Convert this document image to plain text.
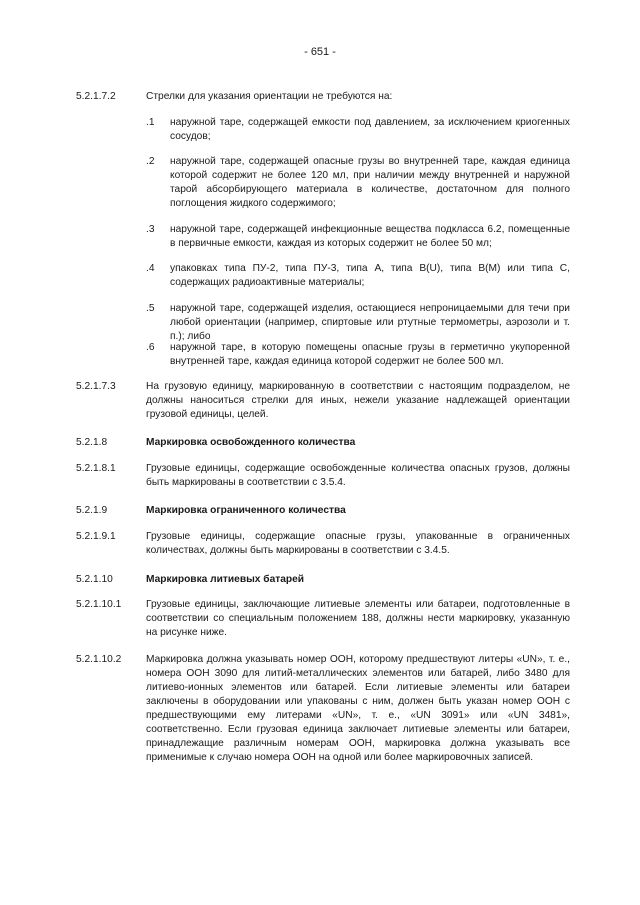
- 651 -
5.2.1.7.2	Стрелки для указания ориентации не требуются на:
.1 наружной таре, содержащей емкости под давлением, за исключением криогенных сосудов;
.2 наружной таре, содержащей опасные грузы во внутренней таре, каждая единица которой содержит не более 120 мл, при наличии между внутренней и наружной тарой абсорбирующего материала в количестве, достаточном для полного поглощения жидкого содержимого;
.3 наружной таре, содержащей инфекционные вещества подкласса 6.2, помещенные в первичные емкости, каждая из которых содержит не более 50 мл;
.4 упаковках типа ПУ-2, типа ПУ-3, типа A, типа B(U), типа B(M) или типа C, содержащих радиоактивные материалы;
.5 наружной таре, содержащей изделия, остающиеся непроницаемыми для течи при любой ориентации (например, спиртовые или ртутные термометры, аэрозоли и т. п.); либо
.6 наружной таре, в которую помещены опасные грузы в герметично укупоренной внутренней таре, каждая единица которой содержит не более 500 мл.
5.2.1.7.3	На грузовую единицу, маркированную в соответствии с настоящим подразделом, не должны наноситься стрелки для иных, нежели указание надлежащей ориентации грузовой единицы, целей.
5.2.1.8	Маркировка освобожденного количества
5.2.1.8.1	Грузовые единицы, содержащие освобожденные количества опасных грузов, должны быть маркированы в соответствии с 3.5.4.
5.2.1.9	Маркировка ограниченного количества
5.2.1.9.1	Грузовые единицы, содержащие опасные грузы, упакованные в ограниченных количествах, должны быть маркированы в соответствии с 3.4.5.
5.2.1.10	Маркировка литиевых батарей
5.2.1.10.1 Грузовые единицы, заключающие литиевые элементы или батареи, подготовленные в соответствии со специальным положением 188, должны нести маркировку, указанную на рисунке ниже.
5.2.1.10.2 Маркировка должна указывать номер ООН, которому предшествуют литеры «UN», т. е., номера ООН 3090 для литий-металлических элементов или батарей, либо 3480 для литиево-ионных элементов или батарей. Если литиевые элементы или батареи заключены в оборудовании или упакованы с ним, должен быть указан номер ООН с предшествующими ему литерами «UN», т. е., «UN 3091» или «UN 3481», соответственно. Если грузовая единица заключает литиевые элементы или батареи, принадлежащие различным номерам ООН, маркировка должна указывать все применимые к случаю номера ООН на одной или более маркировочных записей.
